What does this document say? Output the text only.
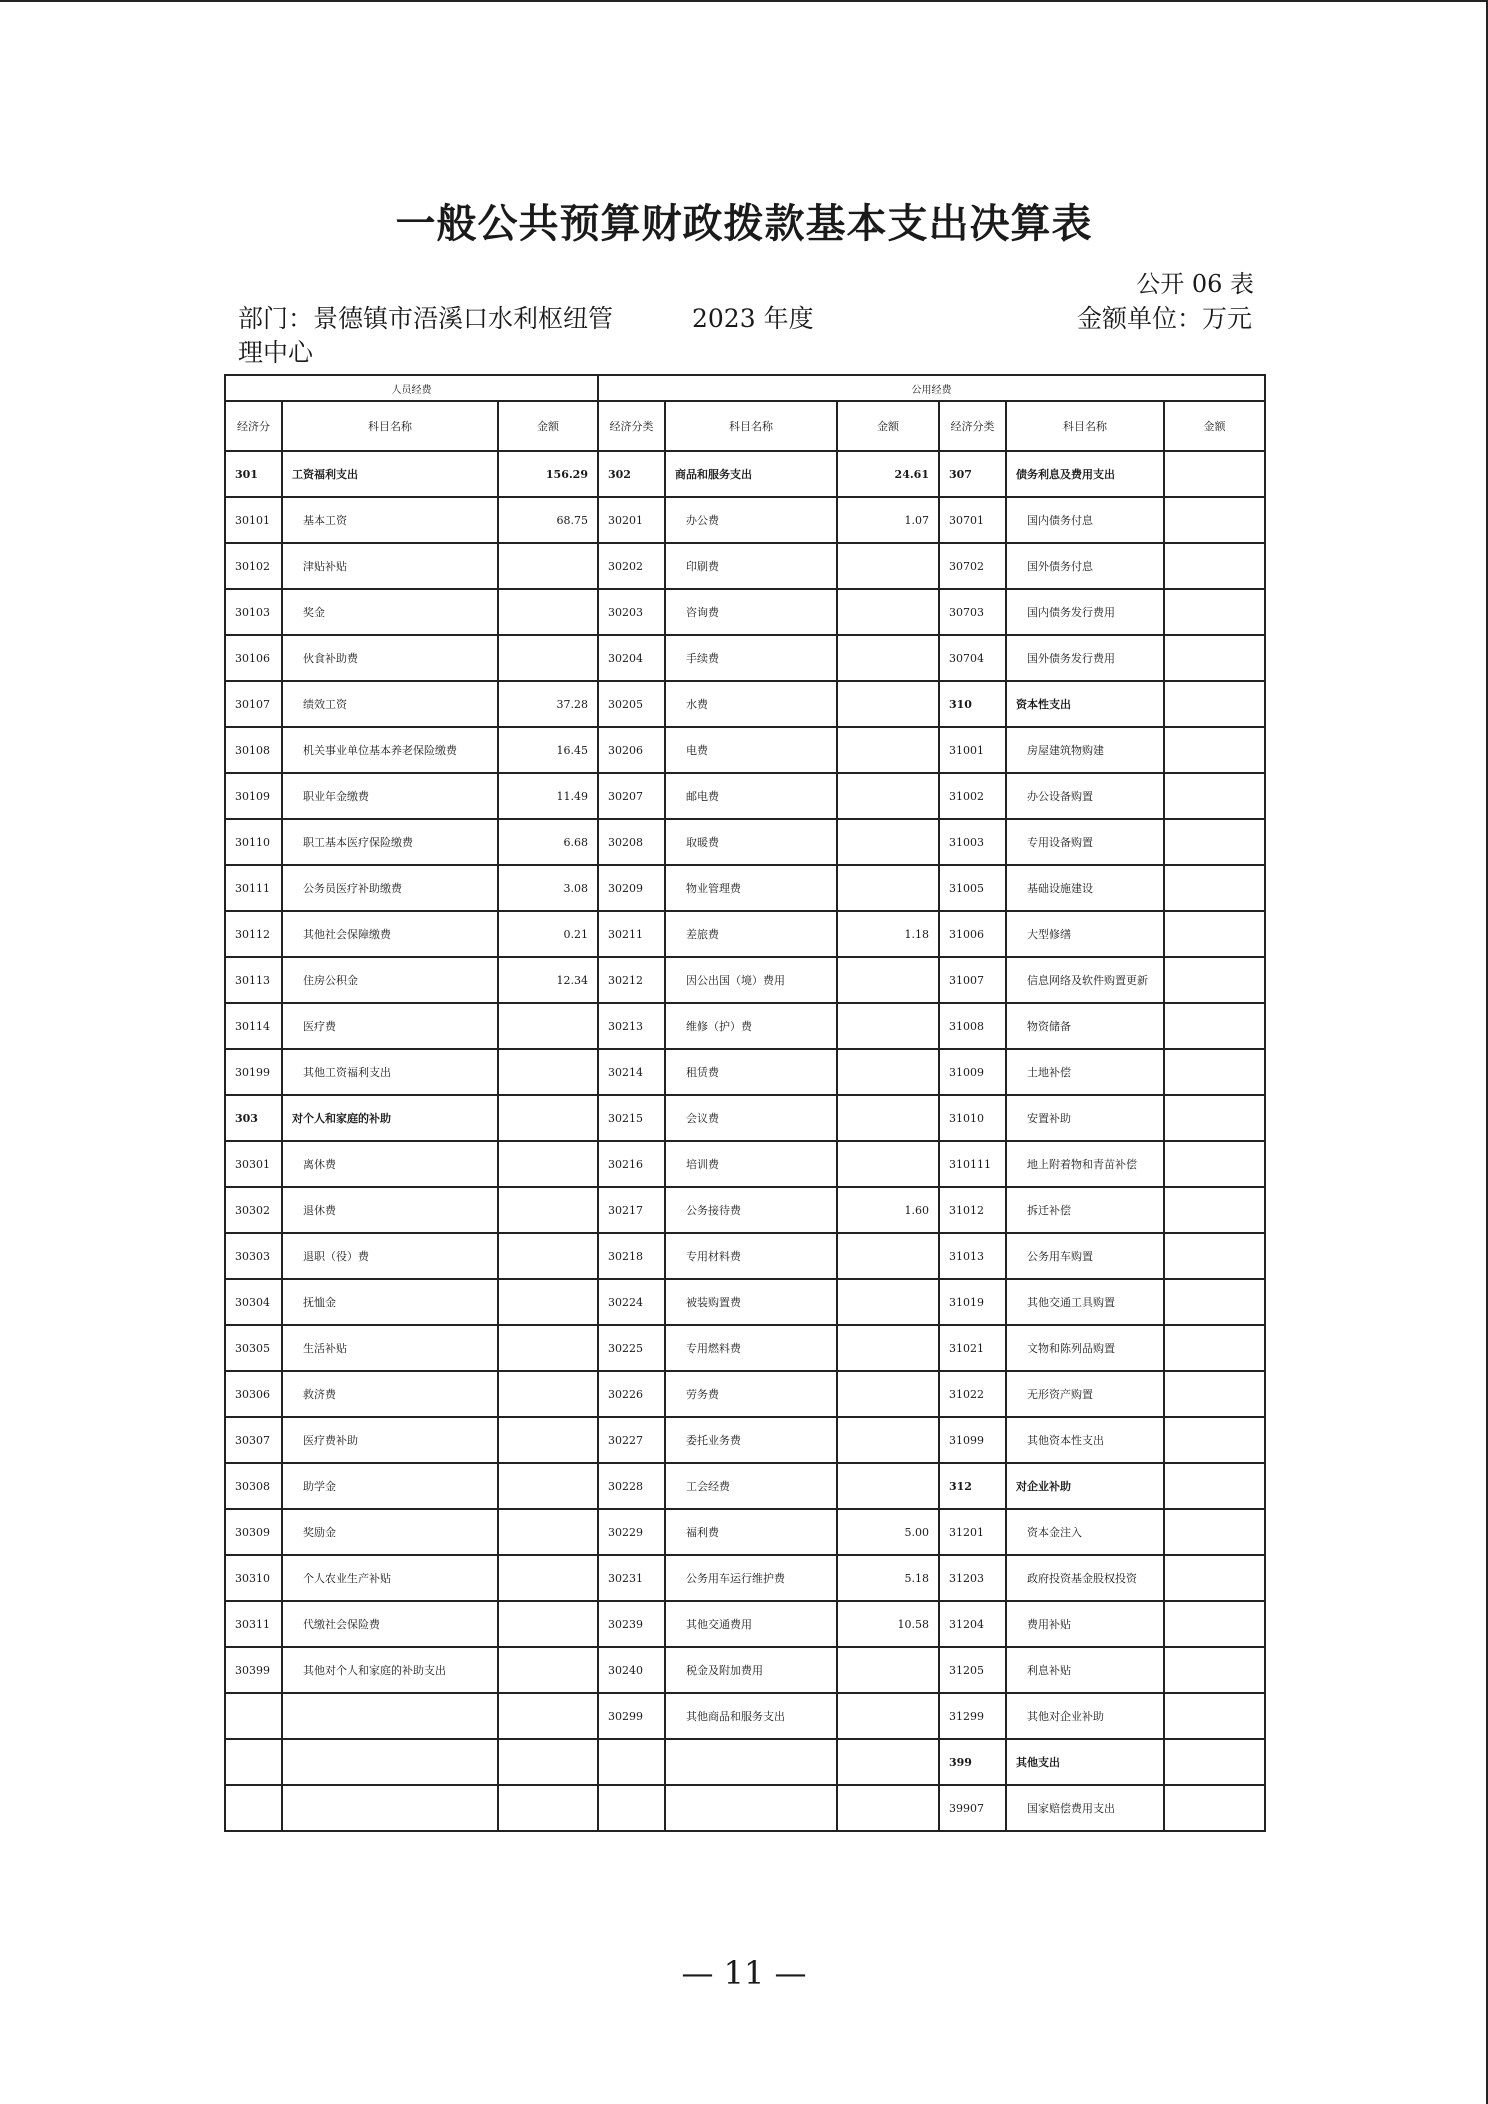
一般公共预算财政拨款基本支出决算表
公开 06 表
部门：景德镇市浯溪口水利枢纽管理中心
2023 年度	金额单位：万元
人员经费			公用经费					
经济分	科目名称	金额	经济分类	科目名称	金额	经济分类	科目名称	金额
301	工资福利支出	156.29	302	商品和服务支出	24.61	307	债务利息及费用支出	
30101	基本工资	68.75	30201	办公费	1.07	30701	国内债务付息	
30102	津贴补贴		30202	印刷费		30702	国外债务付息	
30103	奖金		30203	咨询费		30703	国内债务发行费用	
30106	伙食补助费		30204	手续费		30704	国外债务发行费用	
30107	绩效工资	37.28	30205	水费		310	资本性支出	
30108	机关事业单位基本养老保险缴费	16.45	30206	电费		31001	房屋建筑物购建	
30109	职业年金缴费	11.49	30207	邮电费		31002	办公设备购置	
30110	职工基本医疗保险缴费	6.68	30208	取暖费		31003	专用设备购置	
30111	公务员医疗补助缴费	3.08	30209	物业管理费		31005	基础设施建设	
30112	其他社会保障缴费	0.21	30211	差旅费	1.18	31006	大型修缮	
30113	住房公积金	12.34	30212	因公出国（境）费用		31007	信息网络及软件购置更新	
30114	医疗费		30213	维修（护）费		31008	物资储备	
30199	其他工资福利支出		30214	租赁费		31009	土地补偿	
303	对个人和家庭的补助		30215	会议费		31010	安置补助	
30301	离休费		30216	培训费		310111	地上附着物和青苗补偿	
30302	退休费		30217	公务接待费	1.60	31012	拆迁补偿	
30303	退职（役）费		30218	专用材料费		31013	公务用车购置	
30304	抚恤金		30224	被装购置费		31019	其他交通工具购置	
30305	生活补贴		30225	专用燃料费		31021	文物和陈列品购置	
30306	救济费		30226	劳务费		31022	无形资产购置	
30307	医疗费补助		30227	委托业务费		31099	其他资本性支出	
30308	助学金		30228	工会经费		312	对企业补助	
30309	奖励金		30229	福利费	5.00	31201	资本金注入	
30310	个人农业生产补贴		30231	公务用车运行维护费	5.18	31203	政府投资基金股权投资	
30311	代缴社会保险费		30239	其他交通费用	10.58	31204	费用补贴	
30399	其他对个人和家庭的补助支出		30240	税金及附加费用		31205	利息补贴	
			30299	其他商品和服务支出		31299	其他对企业补助	
						399	其他支出	
						39907	国家赔偿费用支出	
— 11 —
